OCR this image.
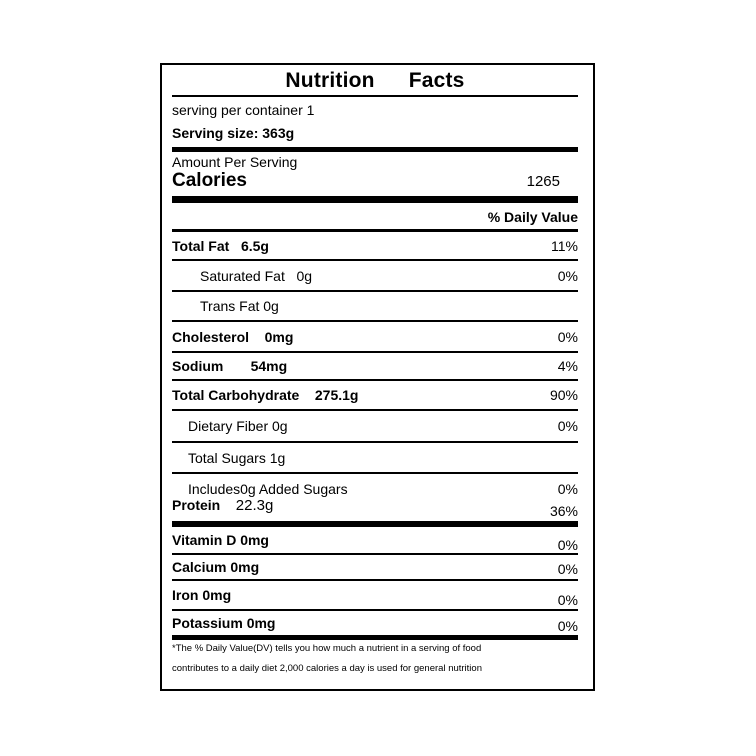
Nutrition Facts
serving per container 1
Serving size: 363g
Amount Per Serving
Calories	1265
% Daily Value
Total Fat 6.5g	11%
Saturated Fat 0g	0%
Trans Fat 0g
Cholesterol 0mg	0%
Sodium 54mg	4%
Total Carbohydrate 275.1g	90%
Dietary Fiber 0g	0%
Total Sugars 1g
Includes0g Added Sugars	0%
Protein 22.3g	36%
Vitamin D 0mg	0%
Calcium 0mg	0%
Iron 0mg	0%
Potassium 0mg	0%
*The % Daily Value(DV) tells you how much a nutrient in a serving of food
contributes to a daily diet 2,000 calories a day is used for general nutrition
